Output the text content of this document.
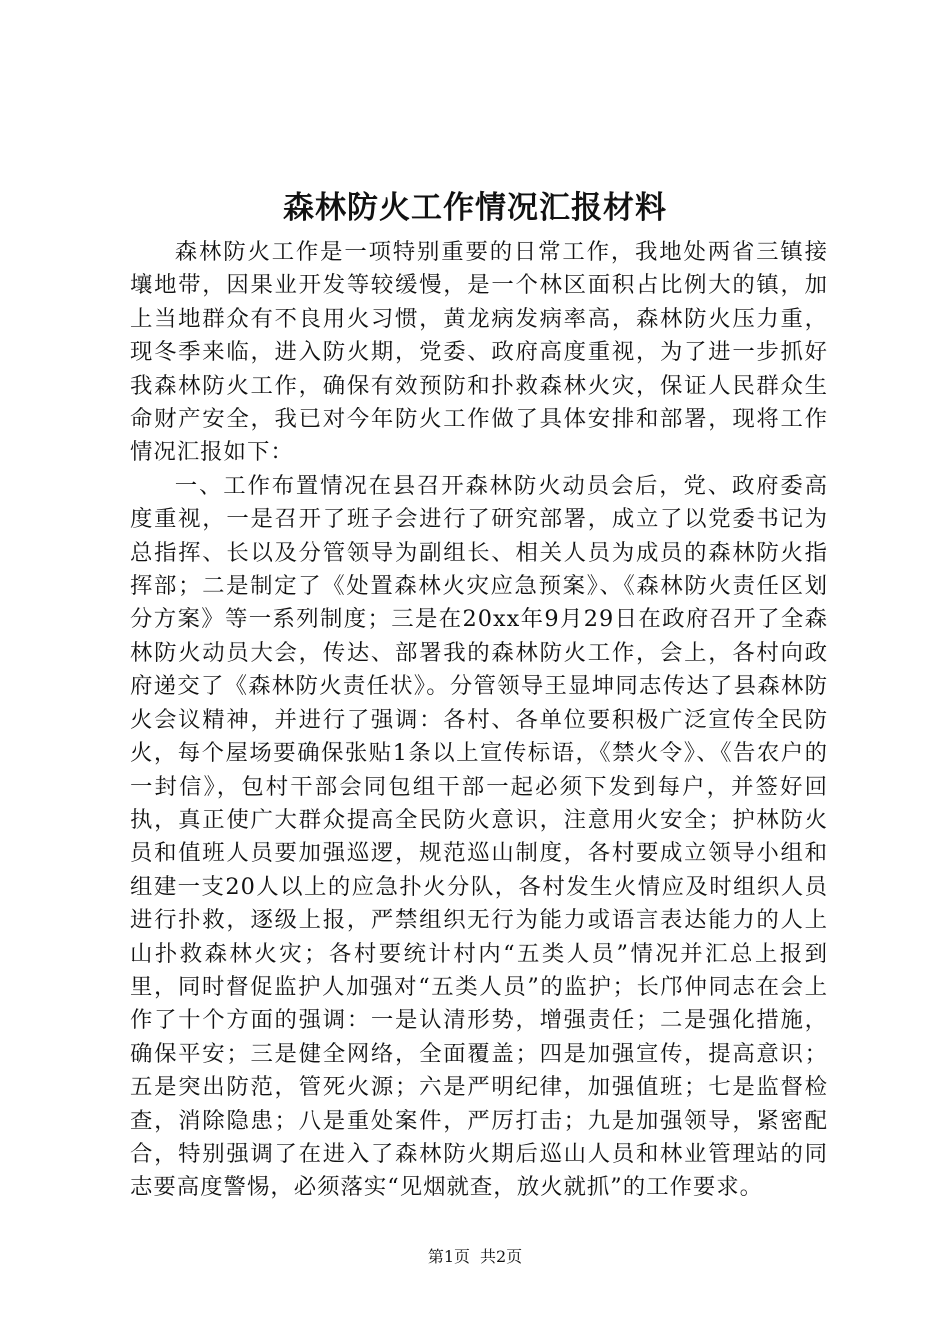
森林防火工作情况汇报材料

森林防火工作是一项特别重要的日常工作，我地处两省三镇接壤地带，因果业开发等较缓慢，是一个林区面积占比例大的镇，加上当地群众有不良用火习惯，黄龙病发病率高，森林防火压力重，现冬季来临，进入防火期，党委、政府高度重视，为了进一步抓好我森林防火工作，确保有效预防和扑救森林火灾，保证人民群众生命财产安全，我已对今年防火工作做了具体安排和部署，现将工作情况汇报如下：

一、工作布置情况在县召开森林防火动员会后，党、政府委高度重视，一是召开了班子会进行了研究部署，成立了以党委书记为总指挥、长以及分管领导为副组长、相关人员为成员的森林防火指挥部；二是制定了《处置森林火灾应急预案》、《森林防火责任区划分方案》等一系列制度；三是在20xx年9月29日在政府召开了全森林防火动员大会，传达、部署我的森林防火工作，会上，各村向政府递交了《森林防火责任状》。分管领导王显坤同志传达了县森林防火会议精神，并进行了强调：各村、各单位要积极广泛宣传全民防火，每个屋场要确保张贴1条以上宣传标语，《禁火令》、《告农户的一封信》，包村干部会同包组干部一起必须下发到每户，并签好回执，真正使广大群众提高全民防火意识，注意用火安全；护林防火员和值班人员要加强巡逻，规范巡山制度，各村要成立领导小组和组建一支20人以上的应急扑火分队，各村发生火情应及时组织人员进行扑救，逐级上报，严禁组织无行为能力或语言表达能力的人上山扑救森林火灾；各村要统计村内“五类人员”情况并汇总上报到里，同时督促监护人加强对“五类人员”的监护；长邝仲同志在会上作了十个方面的强调：一是认清形势，增强责任；二是强化措施，确保平安；三是健全网络，全面覆盖；四是加强宣传，提高意识；五是突出防范，管死火源；六是严明纪律，加强值班；七是监督检查，消除隐患；八是重处案件，严厉打击；九是加强领导，紧密配合，特别强调了在进入了森林防火期后巡山人员和林业管理站的同志要高度警惕，必须落实“见烟就查，放火就抓”的工作要求。

第1页 共2页
